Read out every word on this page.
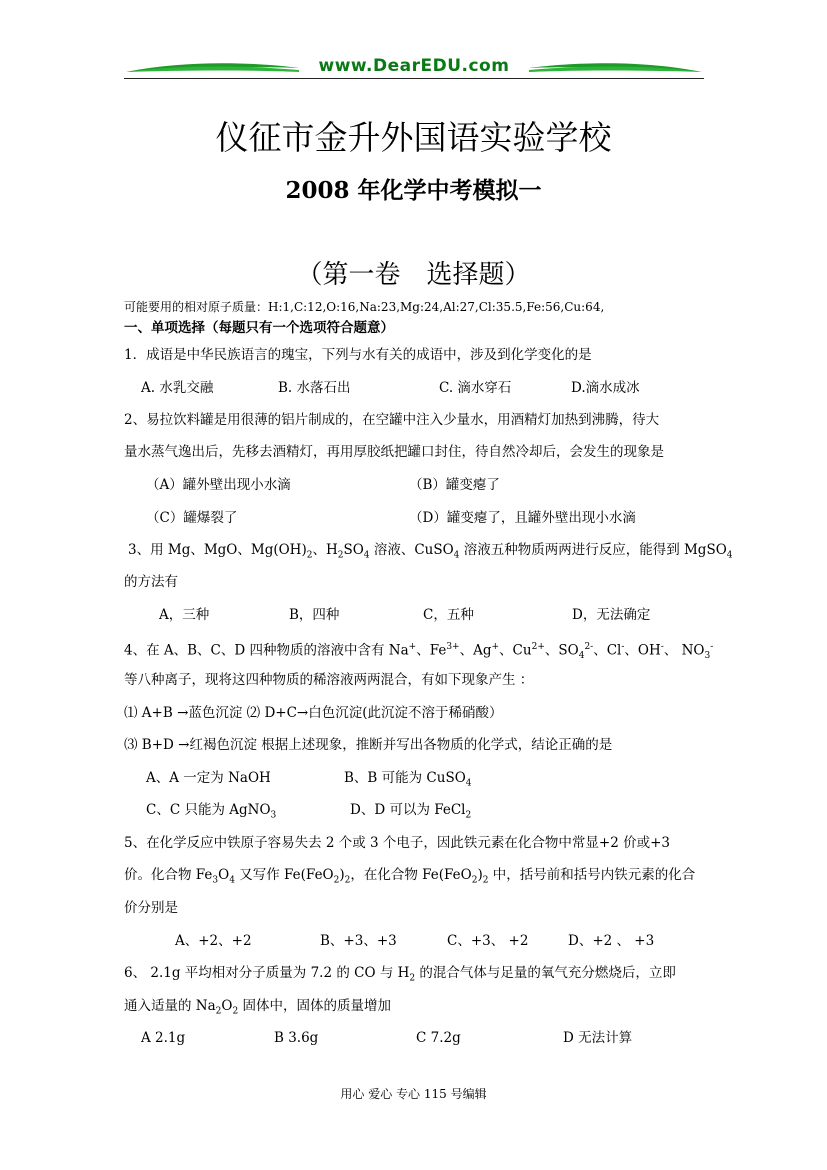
www.DearEDU.com
仪征市金升外国语实验学校
2008 年化学中考模拟一
（第一卷　选择题）
可能要用的相对原子质量：H:1,C:12,O:16,Na:23,Mg:24,Al:27,Cl:35.5,Fe:56,Cu:64,
一、单项选择（每题只有一个选项符合题意）
1．成语是中华民族语言的瑰宝，下列与水有关的成语中，涉及到化学变化的是
A. 水乳交融	B. 水落石出	C. 滴水穿石	D.滴水成冰
2、易拉饮料罐是用很薄的铝片制成的，在空罐中注入少量水，用酒精灯加热到沸腾，待大
量水蒸气逸出后，先移去酒精灯，再用厚胶纸把罐口封住，待自然冷却后，会发生的现象是
（A）罐外壁出现小水滴	（B）罐变瘪了
（C）罐爆裂了	（D）罐变瘪了，且罐外壁出现小水滴
3、用 Mg、MgO、$Mg(OH)_2$、$H_2SO_4$ 溶液、CuSO$_4$ 溶液五种物质两两进行反应，能得到 MgSO$_4$
的方法有
A，三种	B，四种	C，五种	D，无法确定
4、在 A、B、C、D 四种物质的溶液中含有 Na+、$Fe^{3+}$、Ag+、$Cu^{2+}$、$SO_4^{2-}$、Cl-、OH-、 $NO_3^-$
等八种离子，现将这四种物质的稀溶液两两混合，有如下现象产生 ：
⑴ A+B →蓝色沉淀 ⑵ D+C→白色沉淀(此沉淀不溶于稀硝酸）
⑶ B+D →红褐色沉淀 根据上述现象，推断并写出各物质的化学式，结论正确的是
A、A 一定为 NaOH	B、B 可能为 CuSO$_4$
C、C 只能为 AgNO$_3$	D、D 可以为 FeCl$_2$
5、在化学反应中铁原子容易失去 2 个或 3 个电子，因此铁元素在化合物中常显+2 价或+3
价。化合物 $Fe_3O_4$ 又写作 $Fe(FeO_2)_2$，在化合物 $Fe(FeO_2)_2$ 中，括号前和括号内铁元素的化合
价分别是
A、+2、+2	B、+3、+3	C、+3、 +2	D、+2 、 +3
6、 2.1g 平均相对分子质量为 7.2 的 CO 与 $H_2$ 的混合气体与足量的氧气充分燃烧后，立即
通入适量的 $Na_2O_2$ 固体中，固体的质量增加
A 2.1g	B 3.6g	C 7.2g	D 无法计算
用心 爱心 专心 115 号编辑
